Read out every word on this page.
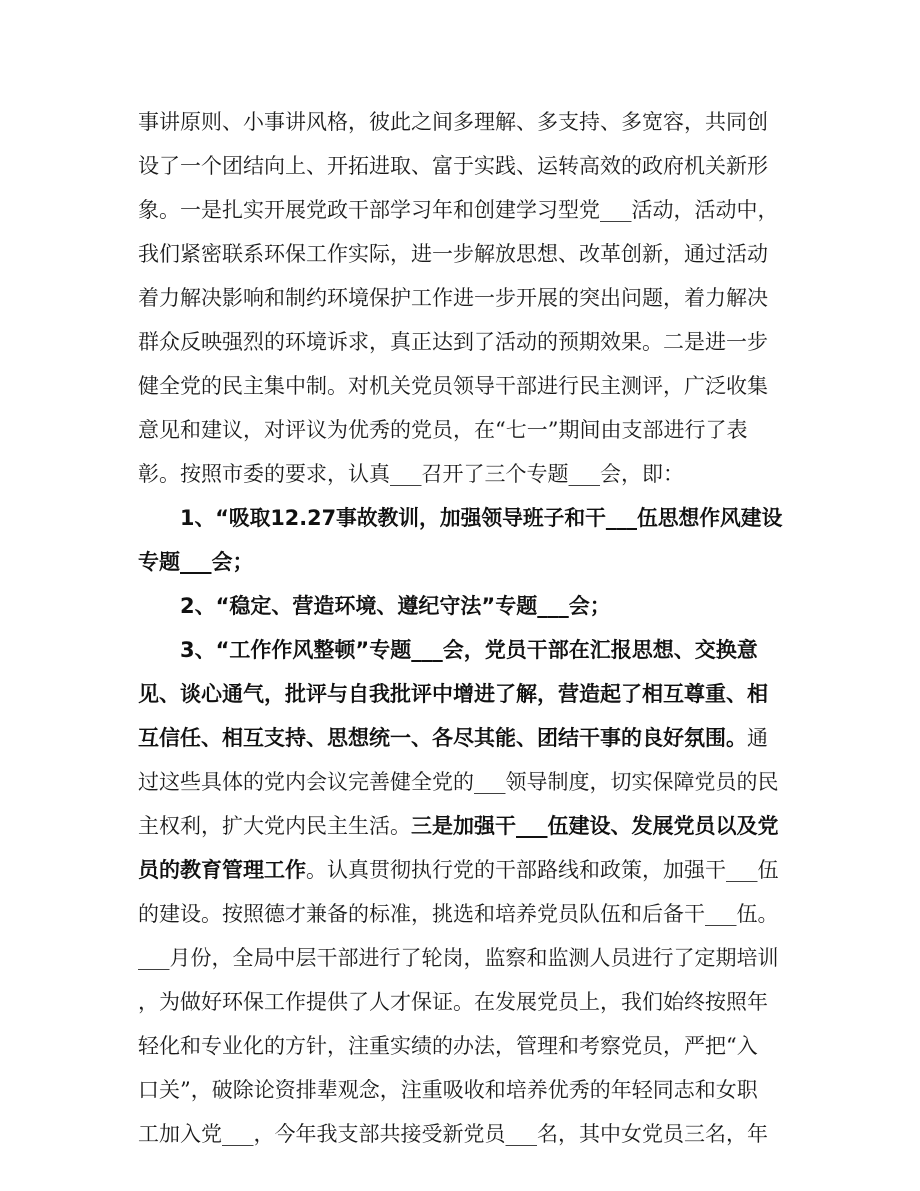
事讲原则、小事讲风格，彼此之间多理解、多支持、多宽容，共同创
设了一个团结向上、开拓进取、富于实践、运转高效的政府机关新形
象。一是扎实开展党政干部学习年和创建学习型党___活动，活动中，
我们紧密联系环保工作实际，进一步解放思想、改革创新，通过活动
着力解决影响和制约环境保护工作进一步开展的突出问题，着力解决
群众反映强烈的环境诉求，真正达到了活动的预期效果。二是进一步
健全党的民主集中制。对机关党员领导干部进行民主测评，广泛收集
意见和建议，对评议为优秀的党员，在“七一”期间由支部进行了表
彰。按照市委的要求，认真___召开了三个专题___会，即：
1、“吸取12.27事故教训，加强领导班子和干___伍思想作风建设
专题___会；
2、“稳定、营造环境、遵纪守法”专题___会；
3、“工作作风整顿”专题___会，党员干部在汇报思想、交换意
见、谈心通气，批评与自我批评中增进了解，营造起了相互尊重、相
互信任、相互支持、思想统一、各尽其能、团结干事的良好氛围。通
过这些具体的党内会议完善健全党的___领导制度，切实保障党员的民
主权利，扩大党内民主生活。三是加强干___伍建设、发展党员以及党
员的教育管理工作。认真贯彻执行党的干部路线和政策，加强干___伍
的建设。按照德才兼备的标准，挑选和培养党员队伍和后备干___伍。
___月份，全局中层干部进行了轮岗，监察和监测人员进行了定期培训
，为做好环保工作提供了人才保证。在发展党员上，我们始终按照年
轻化和专业化的方针，注重实绩的办法，管理和考察党员，严把“入
口关”，破除论资排辈观念，注重吸收和培养优秀的年轻同志和女职
工加入党___，今年我支部共接受新党员___名，其中女党员三名，年
